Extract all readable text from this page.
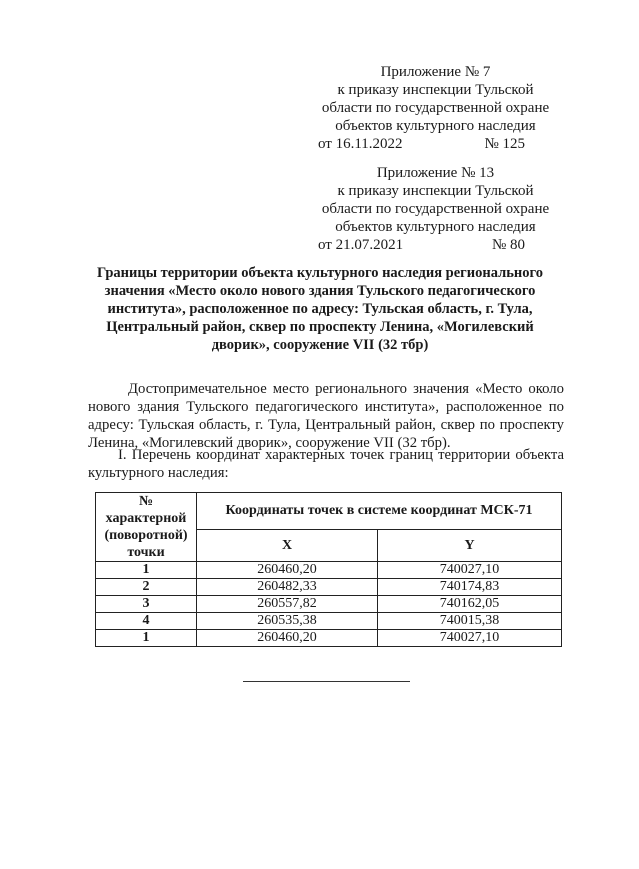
Приложение № 7
к приказу инспекции Тульской
области по государственной охране
объектов культурного наследия
от 16.11.2022	№ 125
Приложение № 13
к приказу инспекции Тульской
области по государственной охране
объектов культурного наследия
от 21.07.2021	№ 80
Границы территории объекта культурного наследия регионального
значения «Место около нового здания Тульского педагогического
института», расположенное по адресу: Тульская область, г. Тула,
Центральный район, сквер по проспекту Ленина, «Могилевский
дворик», сооружение VII (32 тбр)
Достопримечательное место регионального значения «Место около нового здания Тульского педагогического института», расположенное по адресу: Тульская область, г. Тула, Центральный район, сквер по проспекту Ленина, «Могилевский дворик», сооружение VII (32 тбр).
I. Перечень координат характерных точек границ территории объекта культурного наследия:
№
характерной
(поворотной)
точки	Координаты точек в системе координат МСК-71	
	X	Y
1	260460,20	740027,10
2	260482,33	740174,83
3	260557,82	740162,05
4	260535,38	740015,38
1	260460,20	740027,10
